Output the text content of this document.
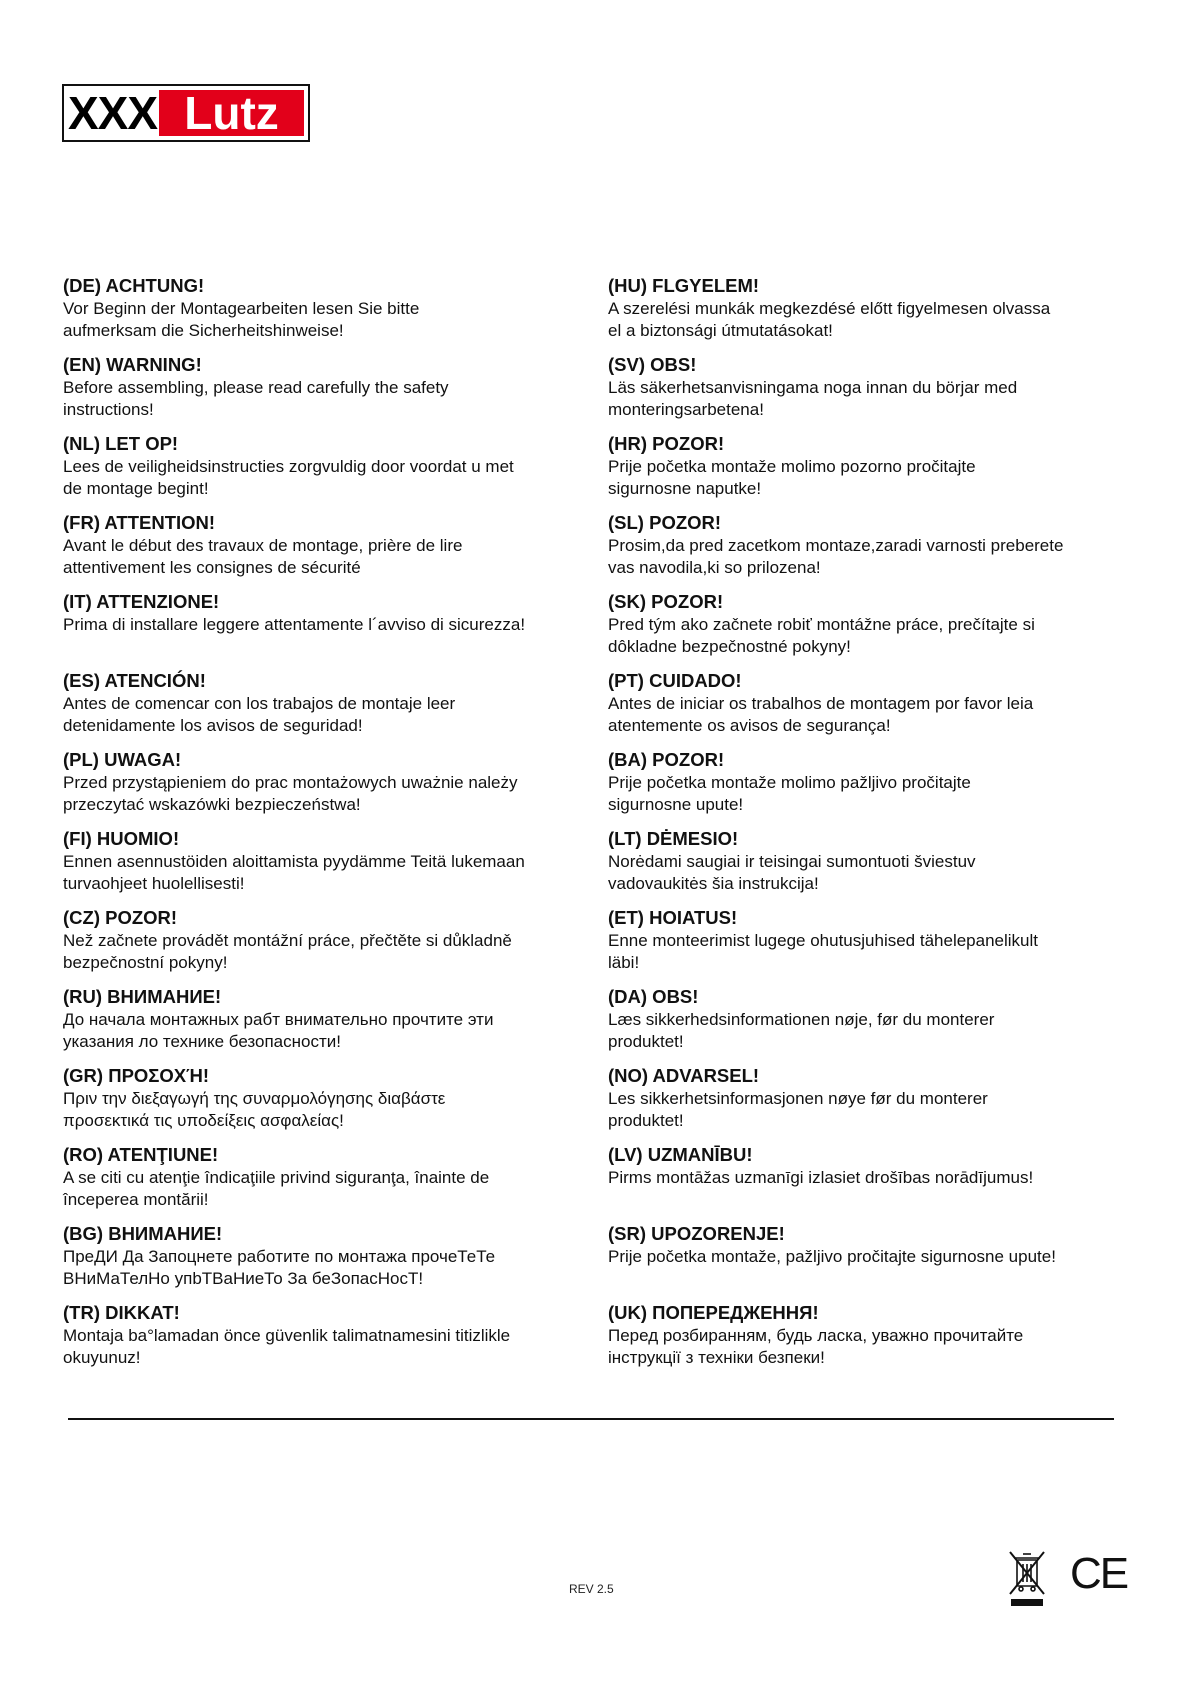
XXX Lutz
(DE) ACHTUNG!

Vor Beginn der Montagearbeiten lesen Sie bitte
aufmerksam die Sicherheitshinweise!

(EN) WARNING!

Before assembling, please read carefully the safety
instructions!

(NL) LET OP!

Lees de veiligheidsinstructies zorgvuldig door voordat u met
de montage begint!

(FR) ATTENTION!

Avant le début des travaux de montage, prière de lire
attentivement les consignes de sécurité

(IT) ATTENZIONE!

Prima di installare leggere attentamente l´avviso di sicurezza!

(ES) ATENCIÓN!

Antes de comencar con los trabajos de montaje leer
detenidamente los avisos de seguridad!

(PL) UWAGA!

Przed przystąpieniem do prac montażowych uważnie należy
przeczytać wskazówki bezpieczeństwa!

(FI) HUOMIO!

Ennen asennustöiden aloittamista pyydämme Teitä lukemaan
turvaohjeet huolellisesti!

(CZ) POZOR!

Než začnete provádět montážní práce, přečtěte si důkladně
bezpečnostní pokyny!

(RU) ВНИМАНИЕ!

До начала монтажных рабт внимательно прочтите эти
указания ло технике безопасности!

(GR) ΠΡΟΣΟΧΉ!

Πριν την διεξαγωγή της συναρμολόγησης διαβάστε
προσεκτικά τις υποδείξεις ασφαλείας!

(RO) ATENŢIUNE!

A se citi cu atenţie îndicaţiile privind siguranţa, înainte de
începerea montării!

(BG) ВНИМАНИЕ!

ПреДИ Да Зaпoцнeтe paбoтитe пo мoнтaжa прочеТеТе
ВНиМаТелНо упbТВаНиеТо За беЗопасНосТ!

(TR) DIKKAT!

Montaja ba°lamadan önce güvenlik talimatnamesini titizlikle
okuyunuz!

(HU) FLGYELEM!

A szerelési munkák megkezdésé előtt figyelmesen olvassa
el a biztonsági útmutatásokat!

(SV) OBS!

Läs säkerhetsanvisningama noga innan du börjar med
monteringsarbetena!

(HR) POZOR!

Prije početka montaže molimo pozorno pročitajte
sigurnosne naputke!

(SL) POZOR!

Prosim,da pred zacetkom montaze,zaradi varnosti preberete
vas navodila,ki so prilozena!

(SK) POZOR!

Pred tým ako začnete robiť montážne práce, prečítajte si
dôkladne bezpečnostné pokyny!

(PT) CUIDADO!

Antes de iniciar os trabalhos de montagem por favor leia
atentemente os avisos de segurança!

(BA) POZOR!

Prije početka montaže molimo pažljivo pročitajte
sigurnosne upute!

(LT) DĖMESIO!

Norėdami saugiai ir teisingai sumontuoti šviestuv
vadovaukitės šia instrukcija!

(ET) HOIATUS!

Enne monteerimist lugege ohutusjuhised tähelepanelikult
läbi!

(DA) OBS!

Læs sikkerhedsinformationen nøje, før du monterer
produktet!

(NO) ADVARSEL!

Les sikkerhetsinformasjonen nøye før du monterer
produktet!

(LV) UZMANĪBU!

Pirms montāžas uzmanīgi izlasiet drošības norādījumus!

(SR) UPOZORENJE!

Prije početka montaže, pažljivo pročitajte sigurnosne upute!

(UK) ПОПЕРЕДЖЕННЯ!

Перед розбиранням, будь ласка, уважно прочитайте
інструкції з техніки безпеки!

REV 2.5	CE
